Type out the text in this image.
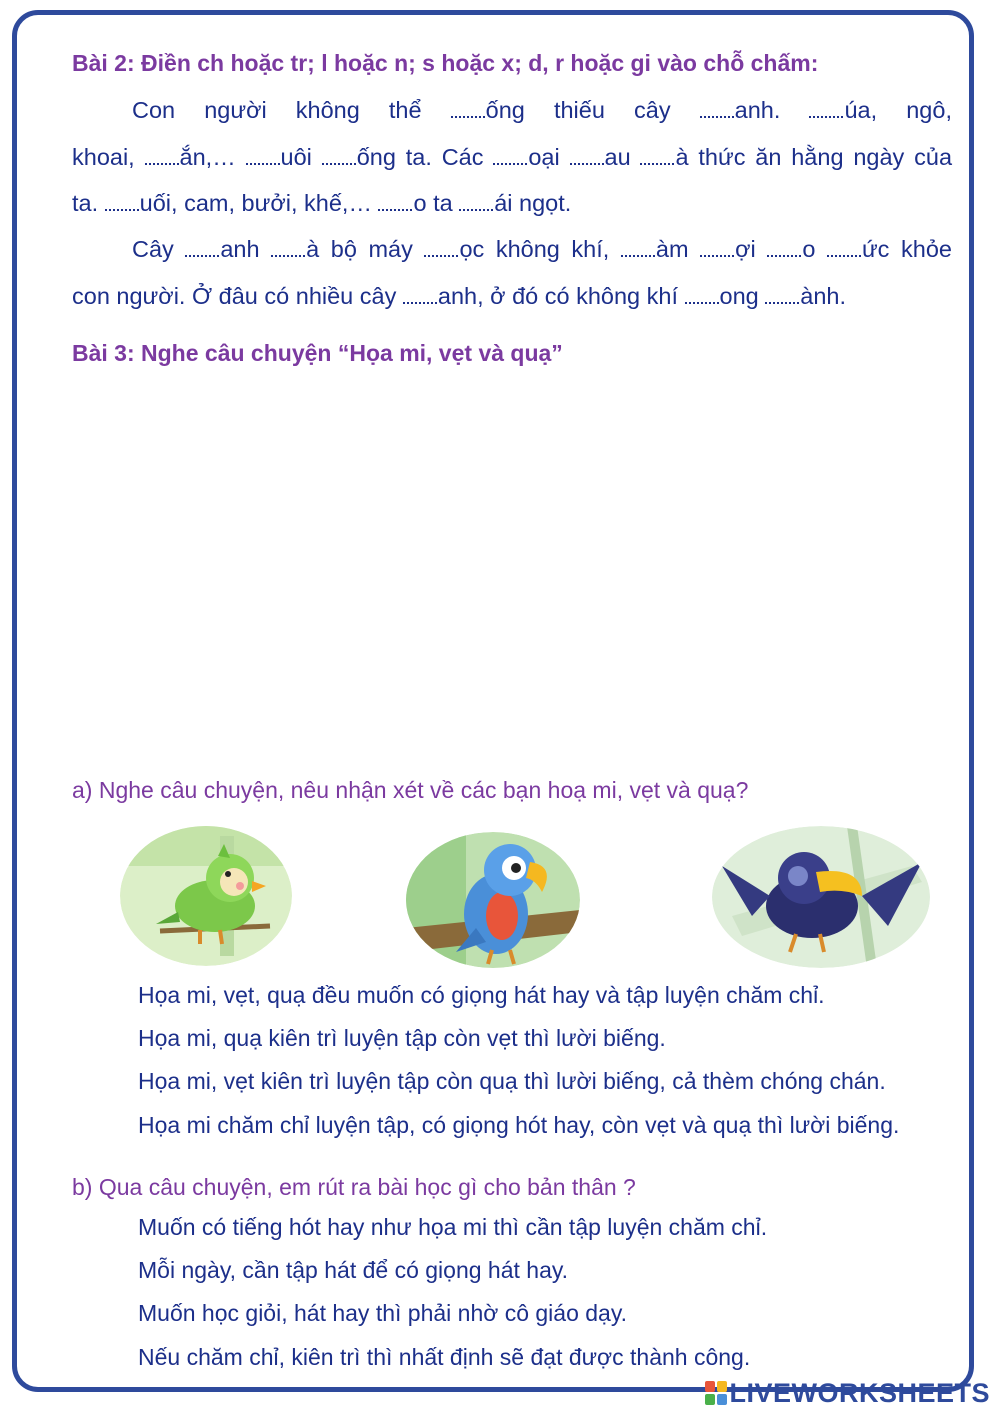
Bài 2: Điền ch hoặc tr; l hoặc n; s hoặc x; d, r hoặc gi vào chỗ chấm:
Con người không thể ống thiếu cây anh. úa, ngô,
khoai, ắn,… uôi ống ta. Các oại au à thức ăn hằng ngày của
ta. uối, cam, bưởi, khế,… o ta ái ngọt.
Cây anh à bộ máy ọc không khí, àm ợi o ức khỏe
con người. Ở đâu có nhiều cây anh, ở đó có không khí ong ành.
Bài 3: Nghe câu chuyện “Họa mi, vẹt và quạ”
a) Nghe câu chuyện, nêu nhận xét về các bạn hoạ mi, vẹt và quạ?
Họa mi, vẹt, quạ đều muốn có giọng hát hay và tập luyện chăm chỉ.
Họa mi, quạ kiên trì luyện tập còn vẹt thì lười biếng.
Họa mi, vẹt kiên trì luyện tập còn quạ thì lười biếng, cả thèm chóng chán.
Họa mi chăm chỉ luyện tập, có giọng hót hay, còn vẹt và quạ thì lười biếng.
b) Qua câu chuyện, em rút ra bài học gì cho bản thân ?
Muốn có tiếng hót hay như họa mi thì cần tập luyện chăm chỉ.
Mỗi ngày, cần tập hát để có giọng hát hay.
Muốn học giỏi, hát hay thì phải nhờ cô giáo dạy.
Nếu chăm chỉ, kiên trì thì nhất định sẽ đạt được thành công.
LIVEWORKSHEETS
